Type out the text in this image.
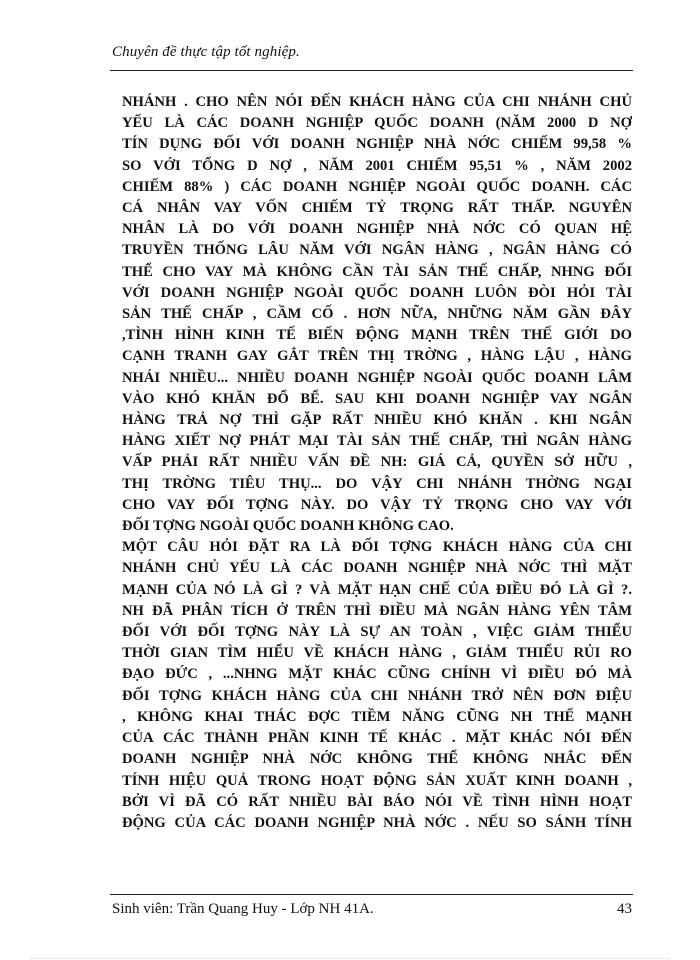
Chuyên đề thực tập tốt nghiệp.
NHÁNH . CHO NÊN NÓI ĐẾN KHÁCH HÀNG CỦA CHI NHÁNH CHỦ
YẾU LÀ CÁC DOANH NGHIỆP QUỐC DOANH (NĂM 2000 D NỢ
TÍN DỤNG ĐỐI VỚI DOANH NGHIỆP NHÀ NỚC CHIẾM 99,58 %
SO VỚI TỔNG D NỢ , NĂM 2001 CHIẾM 95,51 % , NĂM 2002
CHIẾM 88% ) CÁC DOANH NGHIỆP NGOÀI QUỐC DOANH. CÁC
CÁ NHÂN VAY VỐN CHIẾM TỶ TRỌNG RẤT THẤP. NGUYÊN
NHÂN LÀ DO VỚI DOANH NGHIỆP NHÀ NỚC CÓ QUAN HỆ
TRUYỀN THỐNG LÂU NĂM VỚI NGÂN HÀNG , NGÂN HÀNG CÓ
THỂ CHO VAY MÀ KHÔNG CẦN TÀI SẢN THẾ CHẤP, NHNG ĐỐI
VỚI DOANH NGHIỆP NGOÀI QUỐC DOANH LUÔN ĐÒI HỎI TÀI
SẢN THẾ CHẤP , CẦM CỐ . HƠN NỮA, NHỮNG NĂM GẦN ĐÂY
,TÌNH HÌNH KINH TẾ BIẾN ĐỘNG MẠNH TRÊN THẾ GIỚI DO
CẠNH TRANH GAY GẮT TRÊN THỊ TRỜNG , HÀNG LẬU , HÀNG
NHÁI NHIỀU... NHIỀU DOANH NGHIỆP NGOÀI QUỐC DOANH LÂM
VÀO KHÓ KHĂN ĐỔ BỂ. SAU KHI DOANH NGHIỆP VAY NGÂN
HÀNG TRẢ NỢ THÌ GẶP RẤT NHIỀU KHÓ KHĂN . KHI NGÂN
HÀNG XIẾT NỢ PHÁT MẠI TÀI SẢN THẾ CHẤP, THÌ NGÂN HÀNG
VẤP PHẢI RẤT NHIỀU VẤN ĐỀ NH: GIÁ CẢ, QUYỀN SỞ HỮU ,
THỊ TRỜNG TIÊU THỤ... DO VẬY CHI NHÁNH THỜNG NGẠI
CHO VAY ĐỐI TỢNG NÀY. DO VẬY TỶ TRỌNG CHO VAY VỚI
ĐỐI TỢNG NGOÀI QUỐC DOANH KHÔNG CAO.
MỘT CÂU HỎI ĐẶT RA LÀ ĐỐI TỢNG KHÁCH HÀNG CỦA CHI
NHÁNH CHỦ YẾU LÀ CÁC DOANH NGHIỆP NHÀ NỚC THÌ MẶT
MẠNH CỦA NÓ LÀ GÌ ? VÀ MẶT HẠN CHẾ CỦA ĐIỀU ĐÓ LÀ GÌ ?.
NH ĐÃ PHÂN TÍCH Ở TRÊN THÌ ĐIỀU MÀ NGÂN HÀNG YÊN TÂM
ĐỐI VỚI ĐỐI TỢNG NÀY LÀ SỰ AN TOÀN , VIỆC GIẢM THIỂU
THỜI GIAN TÌM HIỂU VỀ KHÁCH HÀNG , GIẢM THIỂU RỦI RO
ĐẠO ĐỨC , ...NHNG MẶT KHÁC CŨNG CHÍNH VÌ ĐIỀU ĐÓ MÀ
ĐỐI TỢNG KHÁCH HÀNG CỦA CHI NHÁNH TRỞ NÊN ĐƠN ĐIỆU
, KHÔNG KHAI THÁC ĐỢC TIỀM NĂNG CŨNG NH THẾ MẠNH
CỦA CÁC THÀNH PHẦN KINH TẾ KHÁC . MẶT KHÁC NÓI ĐẾN
DOANH NGHIỆP NHÀ NỚC KHÔNG THỂ KHÔNG NHẮC ĐẾN
TÍNH HIỆU QUẢ TRONG HOẠT ĐỘNG SẢN XUẤT KINH DOANH ,
BỞI VÌ ĐÃ CÓ RẤT NHIỀU BÀI BÁO NÓI VỀ TÌNH HÌNH HOẠT
ĐỘNG CỦA CÁC DOANH NGHIỆP NHÀ NỚC . NẾU SO SÁNH TÍNH
Sinh viên: Trần Quang Huy - Lớp NH 41A.	43
